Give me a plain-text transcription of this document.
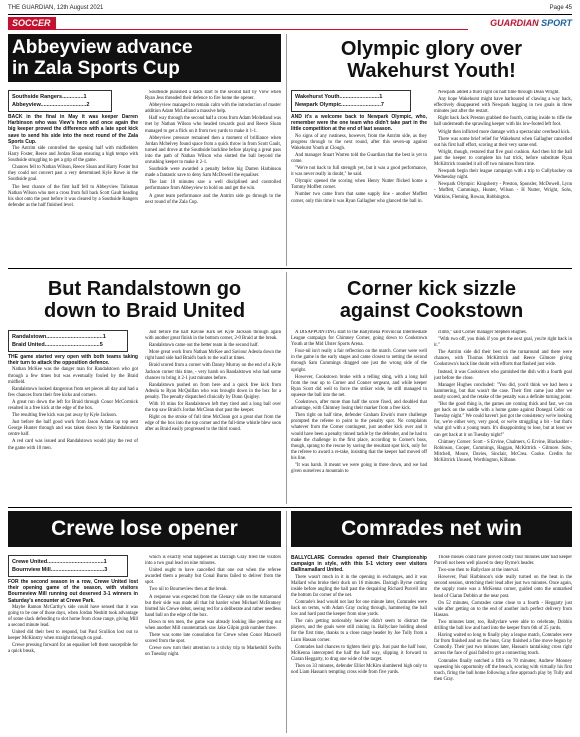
THE GUARDIAN, 12th August 2021	Page 45
SOCCER	GUARDIAN SPORT
Abbeyview advance
in Zala Sports Cup
Southside Rangers..............1
Abbeyview..............................2

BACK in the final in May it was keeper Darren Harbinson who was View's hero and once again the big keeper proved the difference with a late spot kick save to send his side into the next round of the Zala Sports Cup.

The Antrim side controlled the opening half with midfielders Harry Foster, Reece and Jordan Sloan ensuring a high tempo with Southside struggling to get a grip of the game.

Chances fell to Nathan Wilson, Reece Sloan and Harry Foster but they could not convert past a very determined Kyle Rowe in the Southside goal.

The best chance of the first half fell to Abbeyview Talisman Nathan Wilson who met a cross from full back Scott Gault heading his shot onto the post before it was cleared by a Southside Rangers defender as the half finished level.

Southside punished a slack start to the second half by View when Ryan Jess threaded their defence to fire home the opener.

Abbeyview managed to remain calm with the introduction of master addition Adam McLelland a massive help.

Half way through the second half a cross from Adam Mcdelland was met by Nathan Wilson who headed towards goal and Reece Sloan managed to get a flick on it from two yards to make it 1-1.

Abbeyview pressure remained then a moment of brilliance when Jordan Mcbelvey found space from a quick throw in from Scott Gault, turned and drove at the Southside backline before playing a great pass into the path of Nathan Wilson who slotted the ball beyond the onrushing keeper to make it 2-1.

Southside were awarded a penalty before big Darren Harbinson made a fantastic save to deny Sam McDowell the equaliser.

The last 10 minutes saw a well disciplined and controlled performance from Abbeyview to hold on and get the win.

A great team performance and the Antrim side go through to the next round of the Zala Cup.

Olympic glory over
Wakehurst Youth!
Wakehurst Youth..........................1
Newpark Olympic..........................7

AND it's a welcome back to Newpark Olympic, who, remember were the one team who didn't take part in the little competition at the end of last season.

No signs of any rustiness, however, from the Antrim side, as they progress through to the next round, after this seven-up against Wakehurst Youth at Clough.

And manager Stuart Warren told the Guardian that the best is yet to come.

"We're not back to full strength yet, but it was a good performance, it was never really in doubt," he said.

Olympic opened the scoring when Henry Nutter flicked home a Tommy Moffett corner.

Number two came from that same supply line - another Moffett corner, only this time it was Ryan Gallagher who glanced the ball in.

Newpark added a third right on half time through Dean Wright.

Any hope Wakehurst might have harboured of clawing a way back, effectively disappeared with Newpark bagging in two goals in three minutes just after the restart.

Right back Jack Preston grabbed the fourth, cutting inside to rifle the ball underneath the sprawling keeper with his low-footed left foot.

Wright then inflicted more damage with a spectacular overhead kick.

There was some brief relief for Wakehurst when Gallagher cancelled out his first half effort, scoring at their very same end.

Wright, though, restored that five goal cushion. And then hit the ball past the keeper to complete his hat trick, before substitute Ryan McKittrick rounded it all off two minutes from time.

Newpark begin their league campaign with a trip to Cullybackey on Wednesday night.

Newpark Olympic: Kingsberry - Preston, Sponsler, McDowell, Lynn - Moffett, Cummings, Hunter, Wilson - H Nutter, Wright, Sohs, Watkins, Fleming, Rowan, Robbington.

But Randalstown go
down to Braid United
Randalstown.....................................1
Braid United....................................5

THE game started very open with both teams taking their turn to attack the opposition defence.

Nathan McKee was the danger man for Randalstown who got through a few times but was eventually fouled by the Braid midfield.

Randalstown looked dangerous from set pieces all day and had a few chances from their free kicks and corners.

A great run down the left for Braid through Conor McCormick resulted in a free kick at the edge of the box.

The resulting free kick was put away by Kyle Jackson.

Just before the half good work from Jason Adams up top sent George Hunter through and was taken down by the Randalstown centre half.

A red card was issued and Randalstown would play the rest of the game with 10 men.

Just before the half Ravine Kirk set Kyle Jackson through again with another great finish in the bottom corner, 2-0 Braid at the break.

Randalstown came out the better team in the second half.

More great work from Nathan McKee and Saviour Adeola down the right hand side had Braid's back to the wall at times.

Braid scored from a corner with Danny Murray on the end of a Kyle Jackson corner this time, - very harsh on Randalstown who had some chances to bring it 2-1 just minutes before.

Randalstown pushed on from here and a quick free kick from Adeola to Ryan McQuillan who was brought down in the box for a penalty. The penalty dispatched clinically by Dunn Quigley.

With 10 mins for Randalstown left they tired and a long ball over the top saw Braid's Jordan McClean shot past the keeper.

Right on the stroke of full time McClean got a great shot from the edge of the box into the top corner and the full-time whistle blew soon after as Braid easily progressed to the third round.

Corner kick sizzle
against Cookstown

A DISAPPOINTING start to the Ballymena Provincial Intermediate League campaign for Chimney Corner, going down to Cookstown Youth at the Mid Ulster Sports Arena.

Four-nil isn't really a fair reflection on the match. Corner were well in the game in the early stages and came closest to netting the second through Sam Cummings dragged one just the wrong side of the upright.

However, Cookstown broke with a telling sting, with a long ball from the rear up to Corner and Conner sergeant, and while keeper Ryan Scott did well to force the striker wide, he still managed to squeeze the ball into the net.

Cookstown, after more than half the score fixed, and doubled that advantage, with Chimney losing their marker from a free kick.

Then right on half time, defender Graham Erwin's more challenge prompted the referee to point to the penalty spot. No complaints whatever from the Corner contingent, just another kick over and it would have been a penalty tinned tackle by the defender, and he had to make the challenge in the first place, according to Corner's boss, though, sprang to the rescue by saving the resultant spot kick, only for the referee to award a re-take, insisting that the keeper had moved off his line.

"It was harsh. It meant we were going in three down, and we had given ourselves a mountain to

climb," said Corner manager Stephen Hughes.

"With two off, you think if you get the next goal, you're right back in it."

The Antrim side did their best on the turnaround and there were chances, with Thomas McKittrick and Reece Gilmore giving Cookstown's back line doubt with efforts that flashed just wide.

Instead, it was Cookstown who garnished the dish with a fourth goal just before the close.

Manager Hughes concluded: "You did, you'd think we had been a hammering, but that wasn't the case. Their first came just after we nearly scored, and the retake of the penalty was a definite turning point.

"But the good thing is, the games are coming thick and fast, we can get back on the saddle with a home game against Donegal Celtic on Tuesday night." We could haven't just got the consistency we're looking for, we're either very, very good, or we're struggling a bit - but that's what girl with a young team. It's disappointing to lose, but at least we can get back at it on Tuesday night!"

Chimney Corner: Scott - S Ervine, Chalmers, G Ervine, Blackadder - Robinson, Cooper, Cummings, Haggan, McKittrick - Gilmore. Subs, Mitchell, Moore, Davies, Sinclair, McCrea. Cooke. Credits for McKittrick Unused, Worthington, Kilbane.

Crewe lose opener
Crewe United.....................................1
Bournview Mill...................................3

FOR the second season in a row, Crewe United lost their opening game of the season, with visitors Bourneview Mill running out deserved 3-1 winners in Saturday's encounter at Crewe Park.

Maybe Ramon McCarthy's side could have sensed that it was going to be one of those days, when Jordan Nesbitt took advantage of some slack defending to slot home from close range, giving Mill a second minute lead.

United did their best to respond, but Paul Scullion lost out to keeper McKinstry when straight through on goal.

Crewe pressing forward for an equaliser left them susceptible for a quick break,

which is exactly what happened as Darragh Gray fired the visitors into a two goal lead on nine minutes.

United ought to have cancelled that one out when the referee awarded them a penalty but Conal Burns failed to deliver from the spot.

Two nil to Bourneview then at the break.

A response was expected from the Glenavy side on the turnaround but their side was made all that bit harder when Michael McBratney blotted his Crewe debut, seeing red for a deliberate and rather needless hand ball on the edge of the box.

Down to ten men, the game was already looking like petering out when another Mill counterattack saw Jake Gilpin grab number three.

There was some late consolation for Crewe when Conor Maxwell scored from the spot.

Crewe now turn their attention to a tricky trip to Markethill Swifts on Tuesday night.

Comrades net win

BALLYCLARE Comrades opened their Championship campaign in style, with this 5-1 victory over visitors Ballinamallard United.

There wasn't much in it in the opening in exchanges, and it was Mallard who broke their duck on 16 minutes. Darragh Byrne cutting inside before angling the ball past the despairing Richard Purcell into the bottom far corner of the net.

Comrade's lead would not last for one minute later, Comrades were back on terms, with Adam Gray racing through, hammering the ball low and hard past the keeper from nine yards.

The rain getting noticeably heavier didn't seem to distract the players, and the goals were still raining in. Ballyclare holding ahead for the first time, thanks to a close range header by Joe Tully from a Liam Hassan corner.

Comrades had chances to tighten their grip. Just past the half hour, McKenna intercepted the half the half way, slipping it forward to Ciaran Heggarty, to drag one wide of the target.

Then on 33 minutes, defender Elliot McKim slumbered high only to nod Liam Hassan's tempting cross wide from five yards.

Those misses could have proved costly four minutes later had keeper Purcell not been well placed to deny Byrne's header.

Two-one then to Ballyclare at the interval.

However, Paul Harbinson's side really turned on the heat in the second session, stretching their lead after just two minutes. Once again, the supply route was a McKenna corner, guided onto the unmarked head of Ciaran Dobbin at the near post.

On 52 minutes, Comrades came close to a fourth - Heggarty just wide after getting on to the end of another inch perfect delivery from Hassan.

Two minutes later, too, Ballyclare were able to celebrate, Dobbin drilling the ball low and hard into the keeper from 6th of 25 yards.

Having waited so long to finally play a league match, Comrades were far from finished and on the hour, Gray finished a fine move begun by Connolly. Their just two minutes later, Hassan's tantalising cross right across the face of goal failed to get a connecting touch.

Comrades finally notched a fifth on 70 minutes; Andrew Mooney squeezing his opportunity off the breach, scoring with virtually his first touch, firing the ball home following a fine approach play by Tully and then Gray.
